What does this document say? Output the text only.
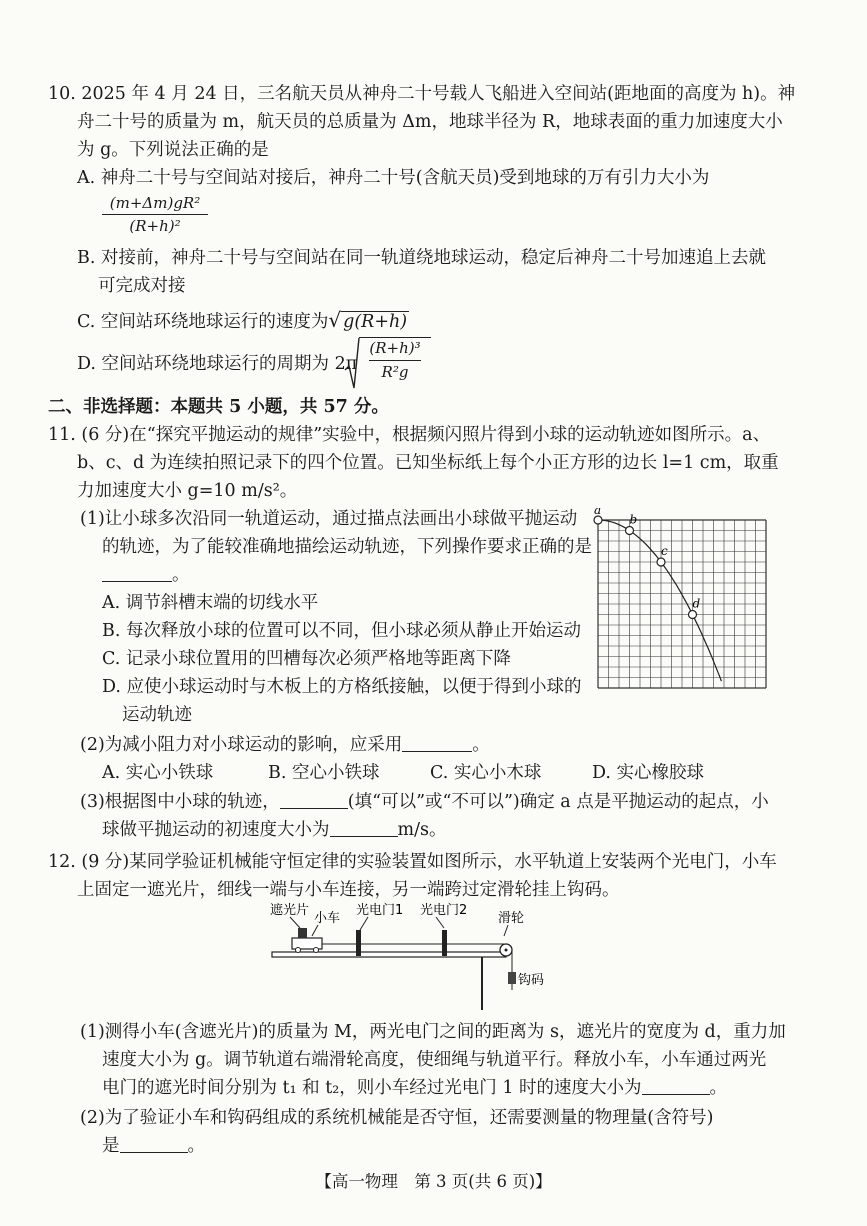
10. 2025 年 4 月 24 日，三名航天员从神舟二十号载人飞船进入空间站(距地面的高度为 h)。神
舟二十号的质量为 m，航天员的总质量为 Δm，地球半径为 R，地球表面的重力加速度大小
为 g。下列说法正确的是
A. 神舟二十号与空间站对接后，神舟二十号(含航天员)受到地球的万有引力大小为
(m+Δm)gR²
(R+h)²
B. 对接前，神舟二十号与空间站在同一轨道绕地球运动，稳定后神舟二十号加速追上去就
可完成对接
C. 空间站环绕地球运行的速度为√ g(R+h)
D. 空间站环绕地球运行的周期为 2π
(R+h)³
R²g
二、非选择题：本题共 5 小题，共 57 分。
11. (6 分)在“探究平抛运动的规律”实验中，根据频闪照片得到小球的运动轨迹如图所示。a、
b、c、d 为连续拍照记录下的四个位置。已知坐标纸上每个小正方形的边长 l=1 cm，取重
力加速度大小 g=10 m/s²。
(1)让小球多次沿同一轨道运动，通过描点法画出小球做平抛运动
的轨迹，为了能较准确地描绘运动轨迹，下列操作要求正确的是
。
A. 调节斜槽末端的切线水平
B. 每次释放小球的位置可以不同，但小球必须从静止开始运动
C. 记录小球位置用的凹槽每次必须严格地等距离下降
D. 应使小球运动时与木板上的方格纸接触，以便于得到小球的
运动轨迹
a
b
c
d
(2)为减小阻力对小球运动的影响，应采用	。
A. 实心小铁球	B. 空心小铁球	C. 实心小木球	D. 实心橡胶球
(3)根据图中小球的轨迹，	(填“可以”或“不可以”)确定 a 点是平抛运动的起点，小
球做平抛运动的初速度大小为	m/s。
12. (9 分)某同学验证机械能守恒定律的实验装置如图所示，水平轨道上安装两个光电门，小车
上固定一遮光片，细线一端与小车连接，另一端跨过定滑轮挂上钩码。
遮光片
小车
光电门1 光电门2
滑轮
钩码
(1)测得小车(含遮光片)的质量为 M，两光电门之间的距离为 s，遮光片的宽度为 d，重力加
速度大小为 g。调节轨道右端滑轮高度，使细绳与轨道平行。释放小车，小车通过两光
电门的遮光时间分别为 t₁ 和 t₂，则小车经过光电门 1 时的速度大小为	。
(2)为了验证小车和钩码组成的系统机械能是否守恒，还需要测量的物理量(含符号)
是	。
【高一物理　第 3 页(共 6 页)】
